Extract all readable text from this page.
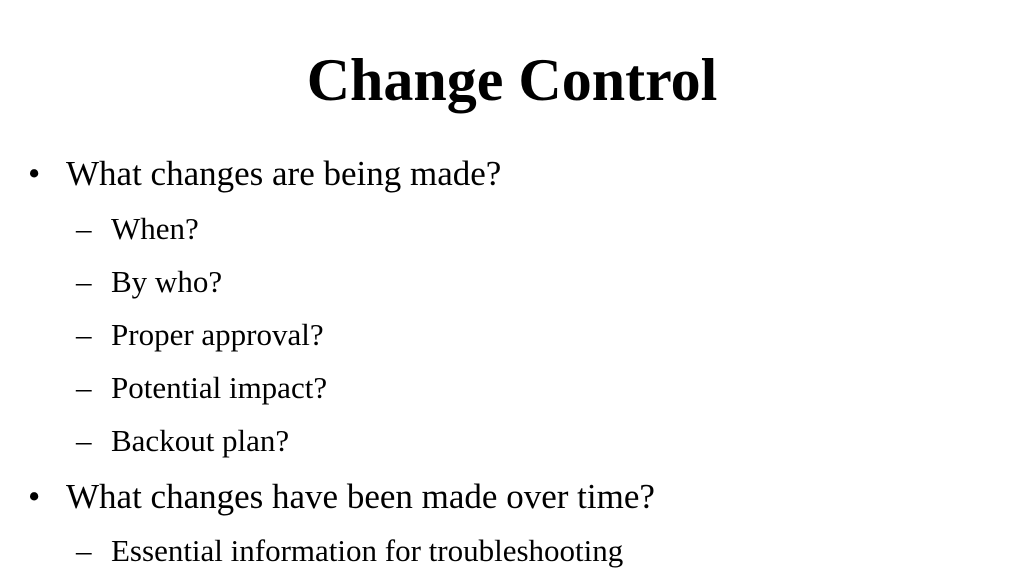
Change Control
• What changes are being made?
– When?
– By who?
– Proper approval?
– Potential impact?
– Backout plan?
• What changes have been made over time?
– Essential information for troubleshooting
